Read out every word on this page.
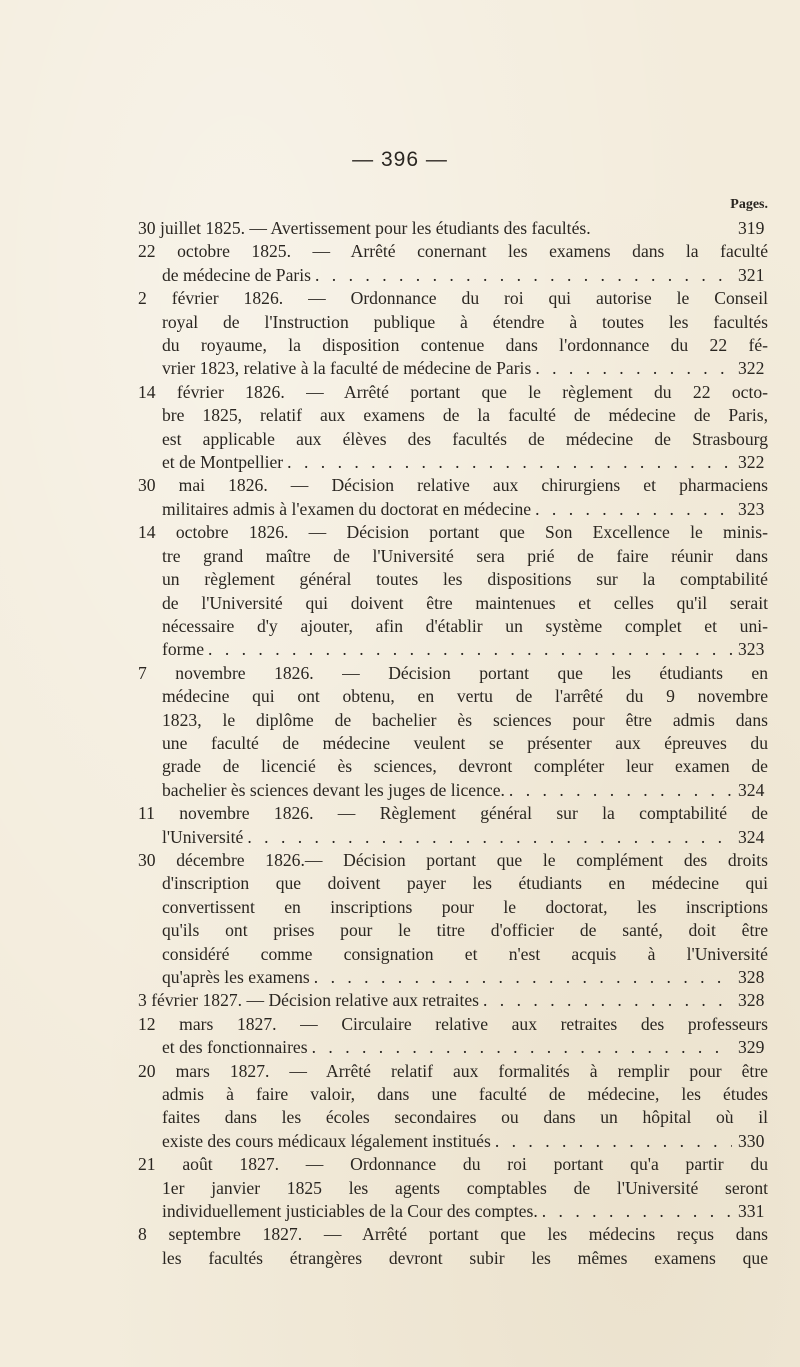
— 396 —
Pages.
30 juillet 1825. — Avertissement pour les étudiants des facultés.	319
22 octobre 1825. — Arrêté conernant les examens dans la faculté
de médecine de Paris . . .	321
2 février 1826. — Ordonnance du roi qui autorise le Conseil
royal de l'Instruction publique à étendre à toutes les facultés
du royaume, la disposition contenue dans l'ordonnance du 22 fé-
vrier 1823, relative à la faculté de médecine de Paris . . .	322
14 février 1826. — Arrêté portant que le règlement du 22 octo-
bre 1825, relatif aux examens de la faculté de médecine de Paris,
est applicable aux élèves des facultés de médecine de Strasbourg
et de Montpellier . . .	322
30 mai 1826. — Décision relative aux chirurgiens et pharmaciens
militaires admis à l'examen du doctorat en médecine . . .	323
14 octobre 1826. — Décision portant que Son Excellence le minis-
tre grand maître de l'Université sera prié de faire réunir dans
un règlement général toutes les dispositions sur la comptabilité
de l'Université qui doivent être maintenues et celles qu'il serait
nécessaire d'y ajouter, afin d'établir un système complet et uni-
forme . . .	323
7 novembre 1826. — Décision portant que les étudiants en
médecine qui ont obtenu, en vertu de l'arrêté du 9 novembre
1823, le diplôme de bachelier ès sciences pour être admis dans
une faculté de médecine veulent se présenter aux épreuves du
grade de licencié ès sciences, devront compléter leur examen de
bachelier ès sciences devant les juges de licence. . . .	324
11 novembre 1826. — Règlement général sur la comptabilité de
l'Université . . .	324
30 décembre 1826.— Décision portant que le complément des droits
d'inscription que doivent payer les étudiants en médecine qui
convertissent en inscriptions pour le doctorat, les inscriptions
qu'ils ont prises pour le titre d'officier de santé, doit être
considéré comme consignation et n'est acquis à l'Université
qu'après les examens . . .	328
3 février 1827. — Décision relative aux retraites . . .	328
12 mars 1827. — Circulaire relative aux retraites des professeurs
et des fonctionnaires . . .	329
20 mars 1827. — Arrêté relatif aux formalités à remplir pour être
admis à faire valoir, dans une faculté de médecine, les études
faites dans les écoles secondaires ou dans un hôpital où il
existe des cours médicaux légalement institués . . .	330
21 août 1827. — Ordonnance du roi portant qu'a partir du
1er janvier 1825 les agents comptables de l'Université seront
individuellement justiciables de la Cour des comptes. . . .	331
8 septembre 1827. — Arrêté portant que les médecins reçus dans
les facultés étrangères devront subir les mêmes examens que
